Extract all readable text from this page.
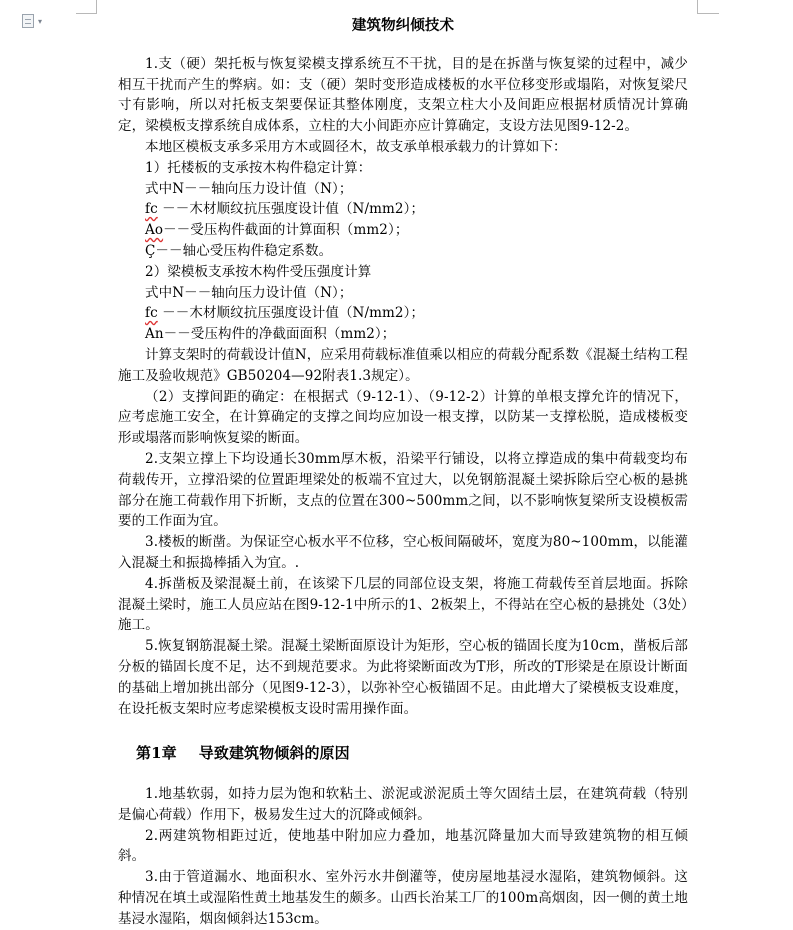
▾	建筑物纠倾技术

1.支（硬）架托板与恢复梁模支撑系统互不干扰，目的是在拆凿与恢复梁的过程中，减少相互干扰而产生的弊病。如：支（硬）架时变形造成楼板的水平位移变形或塌陷，对恢复梁尺寸有影响，所以对托板支架要保证其整体刚度，支架立柱大小及间距应根据材质情况计算确定，梁模板支撑系统自成体系，立柱的大小间距亦应计算确定，支设方法见图9-12-2。

本地区模板支承多采用方木或圆径木，故支承单根承载力的计算如下：

1）托楼板的支承按木构件稳定计算：

式中N－－轴向压力设计值（N）；

fc －－木材顺纹抗压强度设计值（N/mm2）；

Ao－－受压构件截面的计算面积（mm2）；

Ç－－轴心受压构件稳定系数。

2）梁模板支承按木构件受压强度计算

式中N－－轴向压力设计值（N）；

fc －－木材顺纹抗压强度设计值（N/mm2）；

An－－受压构件的净截面面积（mm2）；

计算支架时的荷载设计值N，应采用荷载标准值乘以相应的荷载分配系数《混凝土结构工程施工及验收规范》GB50204—92附表1.3规定）。

（2）支撑间距的确定：在根据式（9-12-1）、（9-12-2）计算的单根支撑允许的情况下，应考虑施工安全，在计算确定的支撑之间均应加设一根支撑，以防某一支撑松脱，造成楼板变形或塌落而影响恢复梁的断面。

2.支架立撑上下均设通长30mm厚木板，沿梁平行铺设，以将立撑造成的集中荷载变均布荷载传开，立撑沿梁的位置距埋梁处的板端不宜过大，以免钢筋混凝土梁拆除后空心板的悬挑部分在施工荷载作用下折断，支点的位置在300~500mm之间，以不影响恢复梁所支设模板需要的工作面为宜。

3.楼板的断凿。为保证空心板水平不位移，空心板间隔破坏，宽度为80~100mm，以能灌入混凝土和振捣棒插入为宜。.

4.拆凿板及梁混凝土前，在该梁下几层的同部位设支架，将施工荷载传至首层地面。拆除混凝土梁时，施工人员应站在图9-12-1中所示的1、2板架上，不得站在空心板的悬挑处（3处）施工。

5.恢复钢筋混凝土梁。混凝土梁断面原设计为矩形，空心板的锚固长度为10cm，凿板后部分板的锚固长度不足，达不到规范要求。为此将梁断面改为T形，所改的T形梁是在原设计断面的基础上增加挑出部分（见图9-12-3），以弥补空心板锚固不足。由此增大了梁模板支设难度，在设托板支架时应考虑梁模板支设时需用操作面。

第1章 导致建筑物倾斜的原因

1.地基软弱，如持力层为饱和软粘土、淤泥或淤泥质土等欠固结土层，在建筑荷载（特别是偏心荷载）作用下，极易发生过大的沉降或倾斜。

2.两建筑物相距过近，使地基中附加应力叠加，地基沉降量加大而导致建筑物的相互倾斜。

3.由于管道漏水、地面积水、室外污水井倒灌等，使房屋地基浸水湿陷，建筑物倾斜。这种情况在填土或湿陷性黄土地基发生的颇多。山西长治某工厂的100m高烟囱，因一侧的黄土地基浸水湿陷，烟囱倾斜达153cm。
